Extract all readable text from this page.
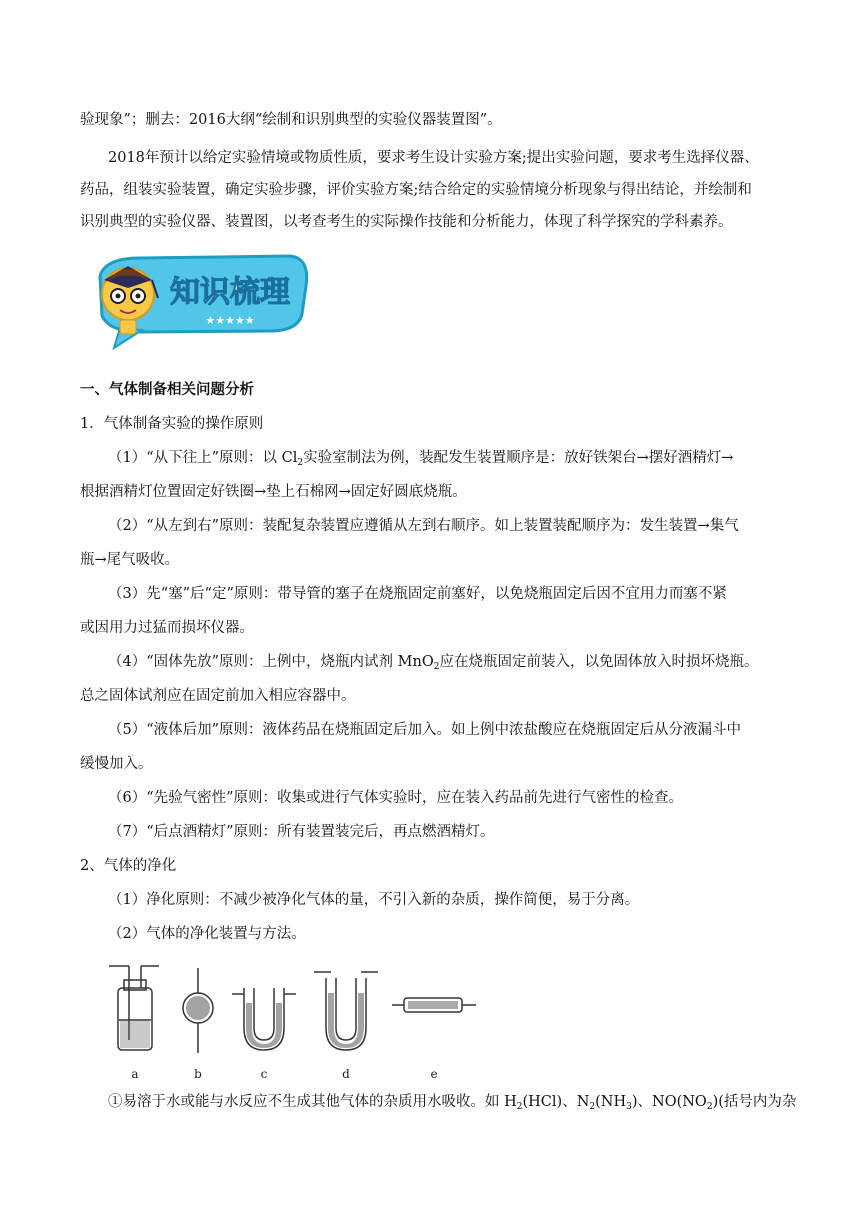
验现象”；删去：2016大纲“绘制和识别典型的实验仪器装置图”。
2018年预计以给定实验情境或物质性质，要求考生设计实验方案;提出实验问题，要求考生选择仪器、
药品，组装实验装置，确定实验步骤，评价实验方案;结合给定的实验情境分析现象与得出结论，并绘制和
识别典型的实验仪器、装置图，以考查考生的实际操作技能和分析能力，体现了科学探究的学科素养。
知识梳理
★★★★★
一、气体制备相关问题分析
1．气体制备实验的操作原则
（1）“从下往上”原则：以 $Cl_2$实验室制法为例，装配发生装置顺序是：放好铁架台→摆好酒精灯→
根据酒精灯位置固定好铁圈→垫上石棉网→固定好圆底烧瓶。
（2）“从左到右”原则：装配复杂装置应遵循从左到右顺序。如上装置装配顺序为：发生装置→集气
瓶→尾气吸收。
（3）先“塞”后“定”原则：带导管的塞子在烧瓶固定前塞好，以免烧瓶固定后因不宜用力而塞不紧
或因用力过猛而损坏仪器。
（4）“固体先放”原则：上例中，烧瓶内试剂 MnO$_2$应在烧瓶固定前装入，以免固体放入时损坏烧瓶。
总之固体试剂应在固定前加入相应容器中。
（5）“液体后加”原则：液体药品在烧瓶固定后加入。如上例中浓盐酸应在烧瓶固定后从分液漏斗中
缓慢加入。
（6）“先验气密性”原则：收集或进行气体实验时，应在装入药品前先进行气密性的检查。
（7）“后点酒精灯”原则：所有装置装完后，再点燃酒精灯。
2、气体的净化
（1）净化原则：不减少被净化气体的量，不引入新的杂质，操作简便，易于分离。
（2）气体的净化装置与方法。
a	b	c	d	e
①易溶于水或能与水反应不生成其他气体的杂质用水吸收。如 $H_2(HCl)$、$N_2(NH_3)$、$NO(NO_2)$(括号内为杂
